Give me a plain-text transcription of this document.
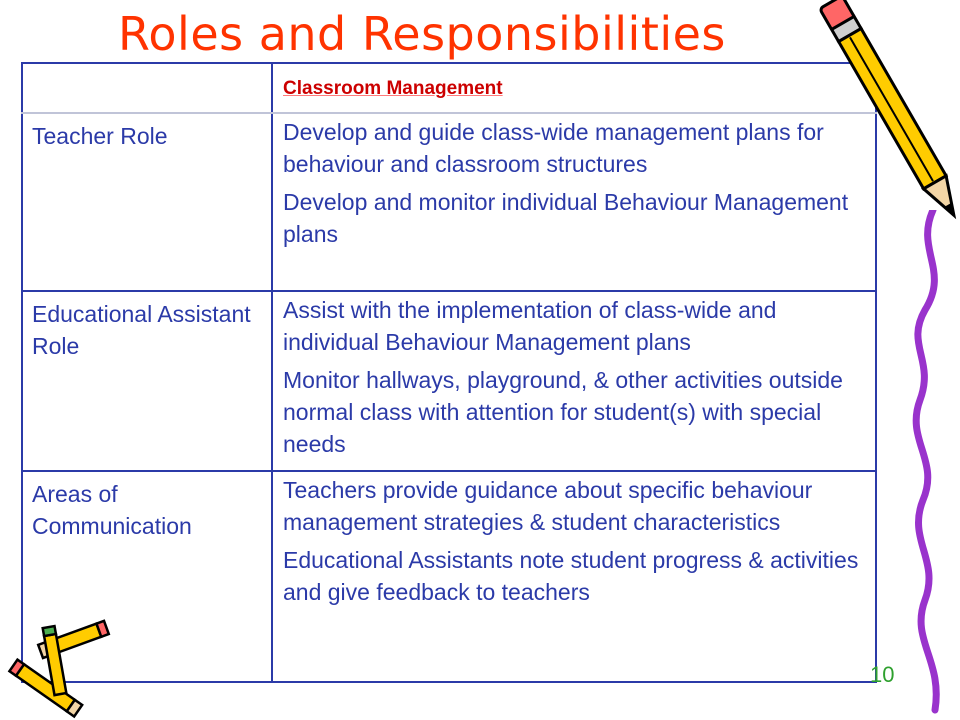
Roles and Responsibilities
	Classroom Management
Teacher Role	Develop and guide class-wide management plans for behaviour and classroom structures

Develop and monitor individual Behaviour Management plans

Educational Assistant Role	Assist with the implementation of class-wide and individual Behaviour Management plans

Monitor hallways, playground, & other activities outside normal class with attention for student(s) with special needs

Areas of Communication	Teachers provide guidance about specific behaviour management strategies & student characteristics

Educational Assistants note student progress & activities and give feedback to teachers

10
